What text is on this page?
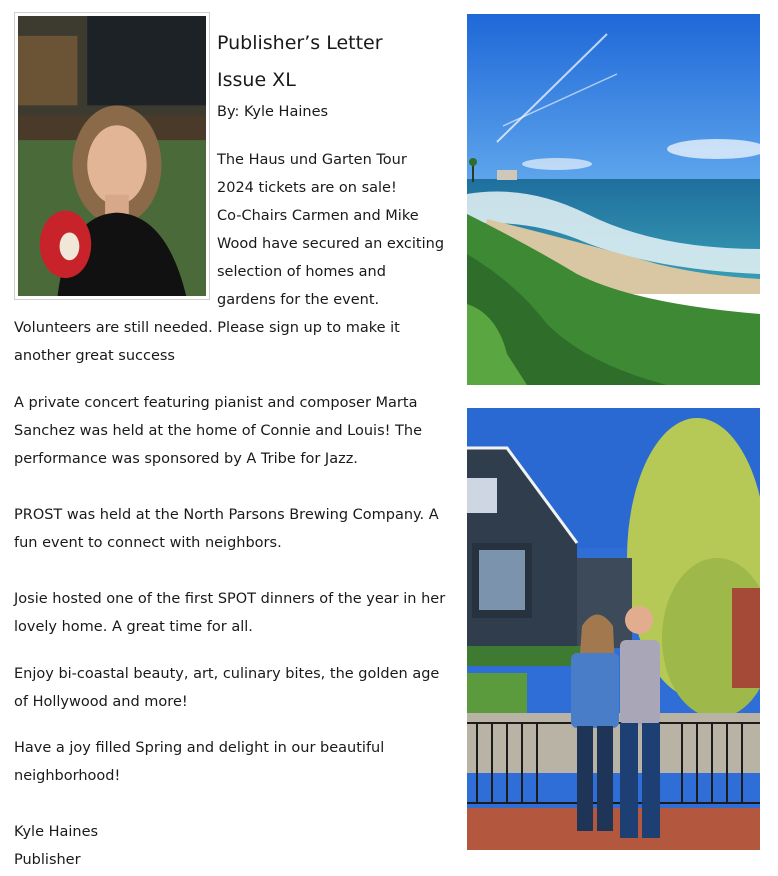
Publisher’s Letter
Issue XL
By: Kyle Haines
The Haus und Garten Tour
2024 tickets are on sale!
Co-Chairs Carmen and Mike
Wood have secured an exciting
selection of homes and
gardens for the event.
Volunteers are still needed. Please sign up to make it
another great success
A private concert featuring pianist and composer Marta
Sanchez was held at the home of Connie and Louis! The
performance was sponsored by A Tribe for Jazz.
PROST was held at the North Parsons Brewing Company. A
fun event to connect with neighbors.
Josie hosted one of the first SPOT dinners of the year in her
lovely home. A great time for all.
Enjoy bi-coastal beauty, art, culinary bites, the golden age
of Hollywood and more!
Have a joy filled Spring and delight in our beautiful
neighborhood!
Kyle Haines
Publisher
